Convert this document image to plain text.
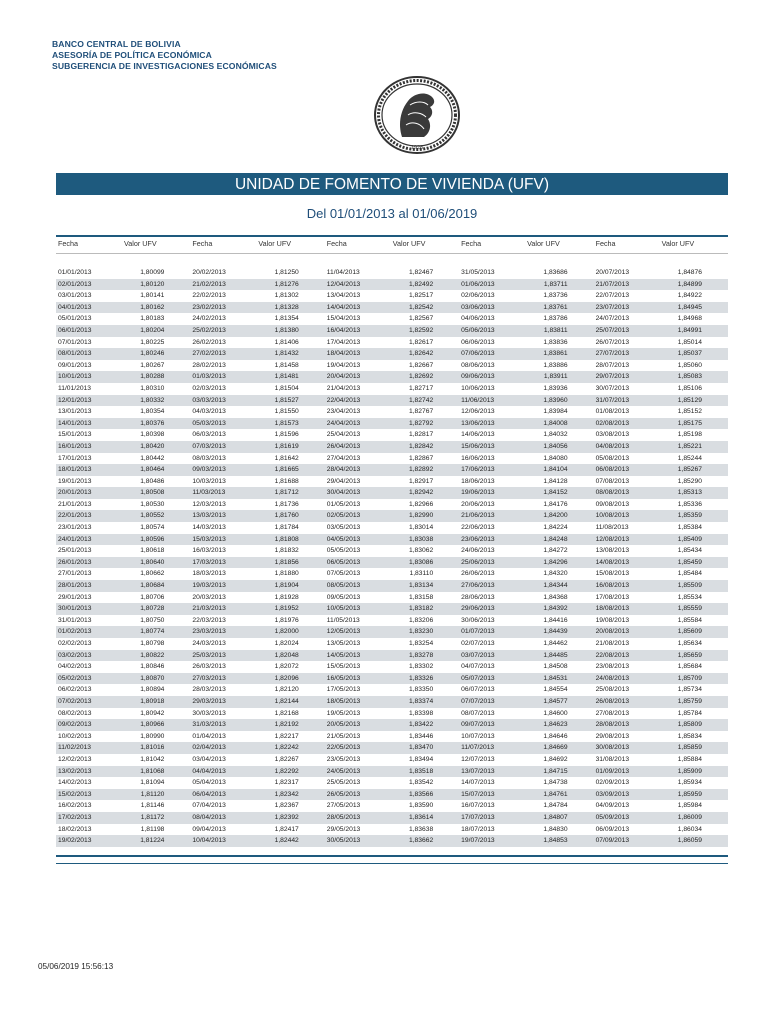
BANCO CENTRAL DE BOLIVIA
ASESORÍA DE POLÍTICA ECONÓMICA
SUBGERENCIA DE INVESTIGACIONES ECONÓMICAS
1928
UNIDAD DE FOMENTO DE VIVIENDA (UFV)
Del 01/01/2013 al 01/06/2019
Fecha	Valor UFV	Fecha	Valor UFV	Fecha	Valor UFV	Fecha	Valor UFV	Fecha	Valor UFV
01/01/2013	1,80099	20/02/2013	1,81250	11/04/2013	1,82467	31/05/2013	1,83686	20/07/2013	1,84876
02/01/2013	1,80120	21/02/2013	1,81276	12/04/2013	1,82492	01/06/2013	1,83711	21/07/2013	1,84899
03/01/2013	1,80141	22/02/2013	1,81302	13/04/2013	1,82517	02/06/2013	1,83736	22/07/2013	1,84922
04/01/2013	1,80162	23/02/2013	1,81328	14/04/2013	1,82542	03/06/2013	1,83761	23/07/2013	1,84945
05/01/2013	1,80183	24/02/2013	1,81354	15/04/2013	1,82567	04/06/2013	1,83786	24/07/2013	1,84968
06/01/2013	1,80204	25/02/2013	1,81380	16/04/2013	1,82592	05/06/2013	1,83811	25/07/2013	1,84991
07/01/2013	1,80225	26/02/2013	1,81406	17/04/2013	1,82617	06/06/2013	1,83836	26/07/2013	1,85014
08/01/2013	1,80246	27/02/2013	1,81432	18/04/2013	1,82642	07/06/2013	1,83861	27/07/2013	1,85037
09/01/2013	1,80267	28/02/2013	1,81458	19/04/2013	1,82667	08/06/2013	1,83886	28/07/2013	1,85060
10/01/2013	1,80288	01/03/2013	1,81481	20/04/2013	1,82692	09/06/2013	1,83911	29/07/2013	1,85083
11/01/2013	1,80310	02/03/2013	1,81504	21/04/2013	1,82717	10/06/2013	1,83936	30/07/2013	1,85106
12/01/2013	1,80332	03/03/2013	1,81527	22/04/2013	1,82742	11/06/2013	1,83960	31/07/2013	1,85129
13/01/2013	1,80354	04/03/2013	1,81550	23/04/2013	1,82767	12/06/2013	1,83984	01/08/2013	1,85152
14/01/2013	1,80376	05/03/2013	1,81573	24/04/2013	1,82792	13/06/2013	1,84008	02/08/2013	1,85175
15/01/2013	1,80398	06/03/2013	1,81596	25/04/2013	1,82817	14/06/2013	1,84032	03/08/2013	1,85198
16/01/2013	1,80420	07/03/2013	1,81619	26/04/2013	1,82842	15/06/2013	1,84056	04/08/2013	1,85221
17/01/2013	1,80442	08/03/2013	1,81642	27/04/2013	1,82867	16/06/2013	1,84080	05/08/2013	1,85244
18/01/2013	1,80464	09/03/2013	1,81665	28/04/2013	1,82892	17/06/2013	1,84104	06/08/2013	1,85267
19/01/2013	1,80486	10/03/2013	1,81688	29/04/2013	1,82917	18/06/2013	1,84128	07/08/2013	1,85290
20/01/2013	1,80508	11/03/2013	1,81712	30/04/2013	1,82942	19/06/2013	1,84152	08/08/2013	1,85313
21/01/2013	1,80530	12/03/2013	1,81736	01/05/2013	1,82966	20/06/2013	1,84176	09/08/2013	1,85336
22/01/2013	1,80552	13/03/2013	1,81760	02/05/2013	1,82990	21/06/2013	1,84200	10/08/2013	1,85359
23/01/2013	1,80574	14/03/2013	1,81784	03/05/2013	1,83014	22/06/2013	1,84224	11/08/2013	1,85384
24/01/2013	1,80596	15/03/2013	1,81808	04/05/2013	1,83038	23/06/2013	1,84248	12/08/2013	1,85409
25/01/2013	1,80618	16/03/2013	1,81832	05/05/2013	1,83062	24/06/2013	1,84272	13/08/2013	1,85434
26/01/2013	1,80640	17/03/2013	1,81856	06/05/2013	1,83086	25/06/2013	1,84296	14/08/2013	1,85459
27/01/2013	1,80662	18/03/2013	1,81880	07/05/2013	1,83110	26/06/2013	1,84320	15/08/2013	1,85484
28/01/2013	1,80684	19/03/2013	1,81904	08/05/2013	1,83134	27/06/2013	1,84344	16/08/2013	1,85509
29/01/2013	1,80706	20/03/2013	1,81928	09/05/2013	1,83158	28/06/2013	1,84368	17/08/2013	1,85534
30/01/2013	1,80728	21/03/2013	1,81952	10/05/2013	1,83182	29/06/2013	1,84392	18/08/2013	1,85559
31/01/2013	1,80750	22/03/2013	1,81976	11/05/2013	1,83206	30/06/2013	1,84416	19/08/2013	1,85584
01/02/2013	1,80774	23/03/2013	1,82000	12/05/2013	1,83230	01/07/2013	1,84439	20/08/2013	1,85609
02/02/2013	1,80798	24/03/2013	1,82024	13/05/2013	1,83254	02/07/2013	1,84462	21/08/2013	1,85634
03/02/2013	1,80822	25/03/2013	1,82048	14/05/2013	1,83278	03/07/2013	1,84485	22/08/2013	1,85659
04/02/2013	1,80846	26/03/2013	1,82072	15/05/2013	1,83302	04/07/2013	1,84508	23/08/2013	1,85684
05/02/2013	1,80870	27/03/2013	1,82096	16/05/2013	1,83326	05/07/2013	1,84531	24/08/2013	1,85709
06/02/2013	1,80894	28/03/2013	1,82120	17/05/2013	1,83350	06/07/2013	1,84554	25/08/2013	1,85734
07/02/2013	1,80918	29/03/2013	1,82144	18/05/2013	1,83374	07/07/2013	1,84577	26/08/2013	1,85759
08/02/2013	1,80942	30/03/2013	1,82168	19/05/2013	1,83398	08/07/2013	1,84600	27/08/2013	1,85784
09/02/2013	1,80966	31/03/2013	1,82192	20/05/2013	1,83422	09/07/2013	1,84623	28/08/2013	1,85809
10/02/2013	1,80990	01/04/2013	1,82217	21/05/2013	1,83446	10/07/2013	1,84646	29/08/2013	1,85834
11/02/2013	1,81016	02/04/2013	1,82242	22/05/2013	1,83470	11/07/2013	1,84669	30/08/2013	1,85859
12/02/2013	1,81042	03/04/2013	1,82267	23/05/2013	1,83494	12/07/2013	1,84692	31/08/2013	1,85884
13/02/2013	1,81068	04/04/2013	1,82292	24/05/2013	1,83518	13/07/2013	1,84715	01/09/2013	1,85909
14/02/2013	1,81094	05/04/2013	1,82317	25/05/2013	1,83542	14/07/2013	1,84738	02/09/2013	1,85934
15/02/2013	1,81120	06/04/2013	1,82342	26/05/2013	1,83566	15/07/2013	1,84761	03/09/2013	1,85959
16/02/2013	1,81146	07/04/2013	1,82367	27/05/2013	1,83590	16/07/2013	1,84784	04/09/2013	1,85984
17/02/2013	1,81172	08/04/2013	1,82392	28/05/2013	1,83614	17/07/2013	1,84807	05/09/2013	1,86009
18/02/2013	1,81198	09/04/2013	1,82417	29/05/2013	1,83638	18/07/2013	1,84830	06/09/2013	1,86034
19/02/2013	1,81224	10/04/2013	1,82442	30/05/2013	1,83662	19/07/2013	1,84853	07/09/2013	1,86059
05/06/2019 15:56:13
